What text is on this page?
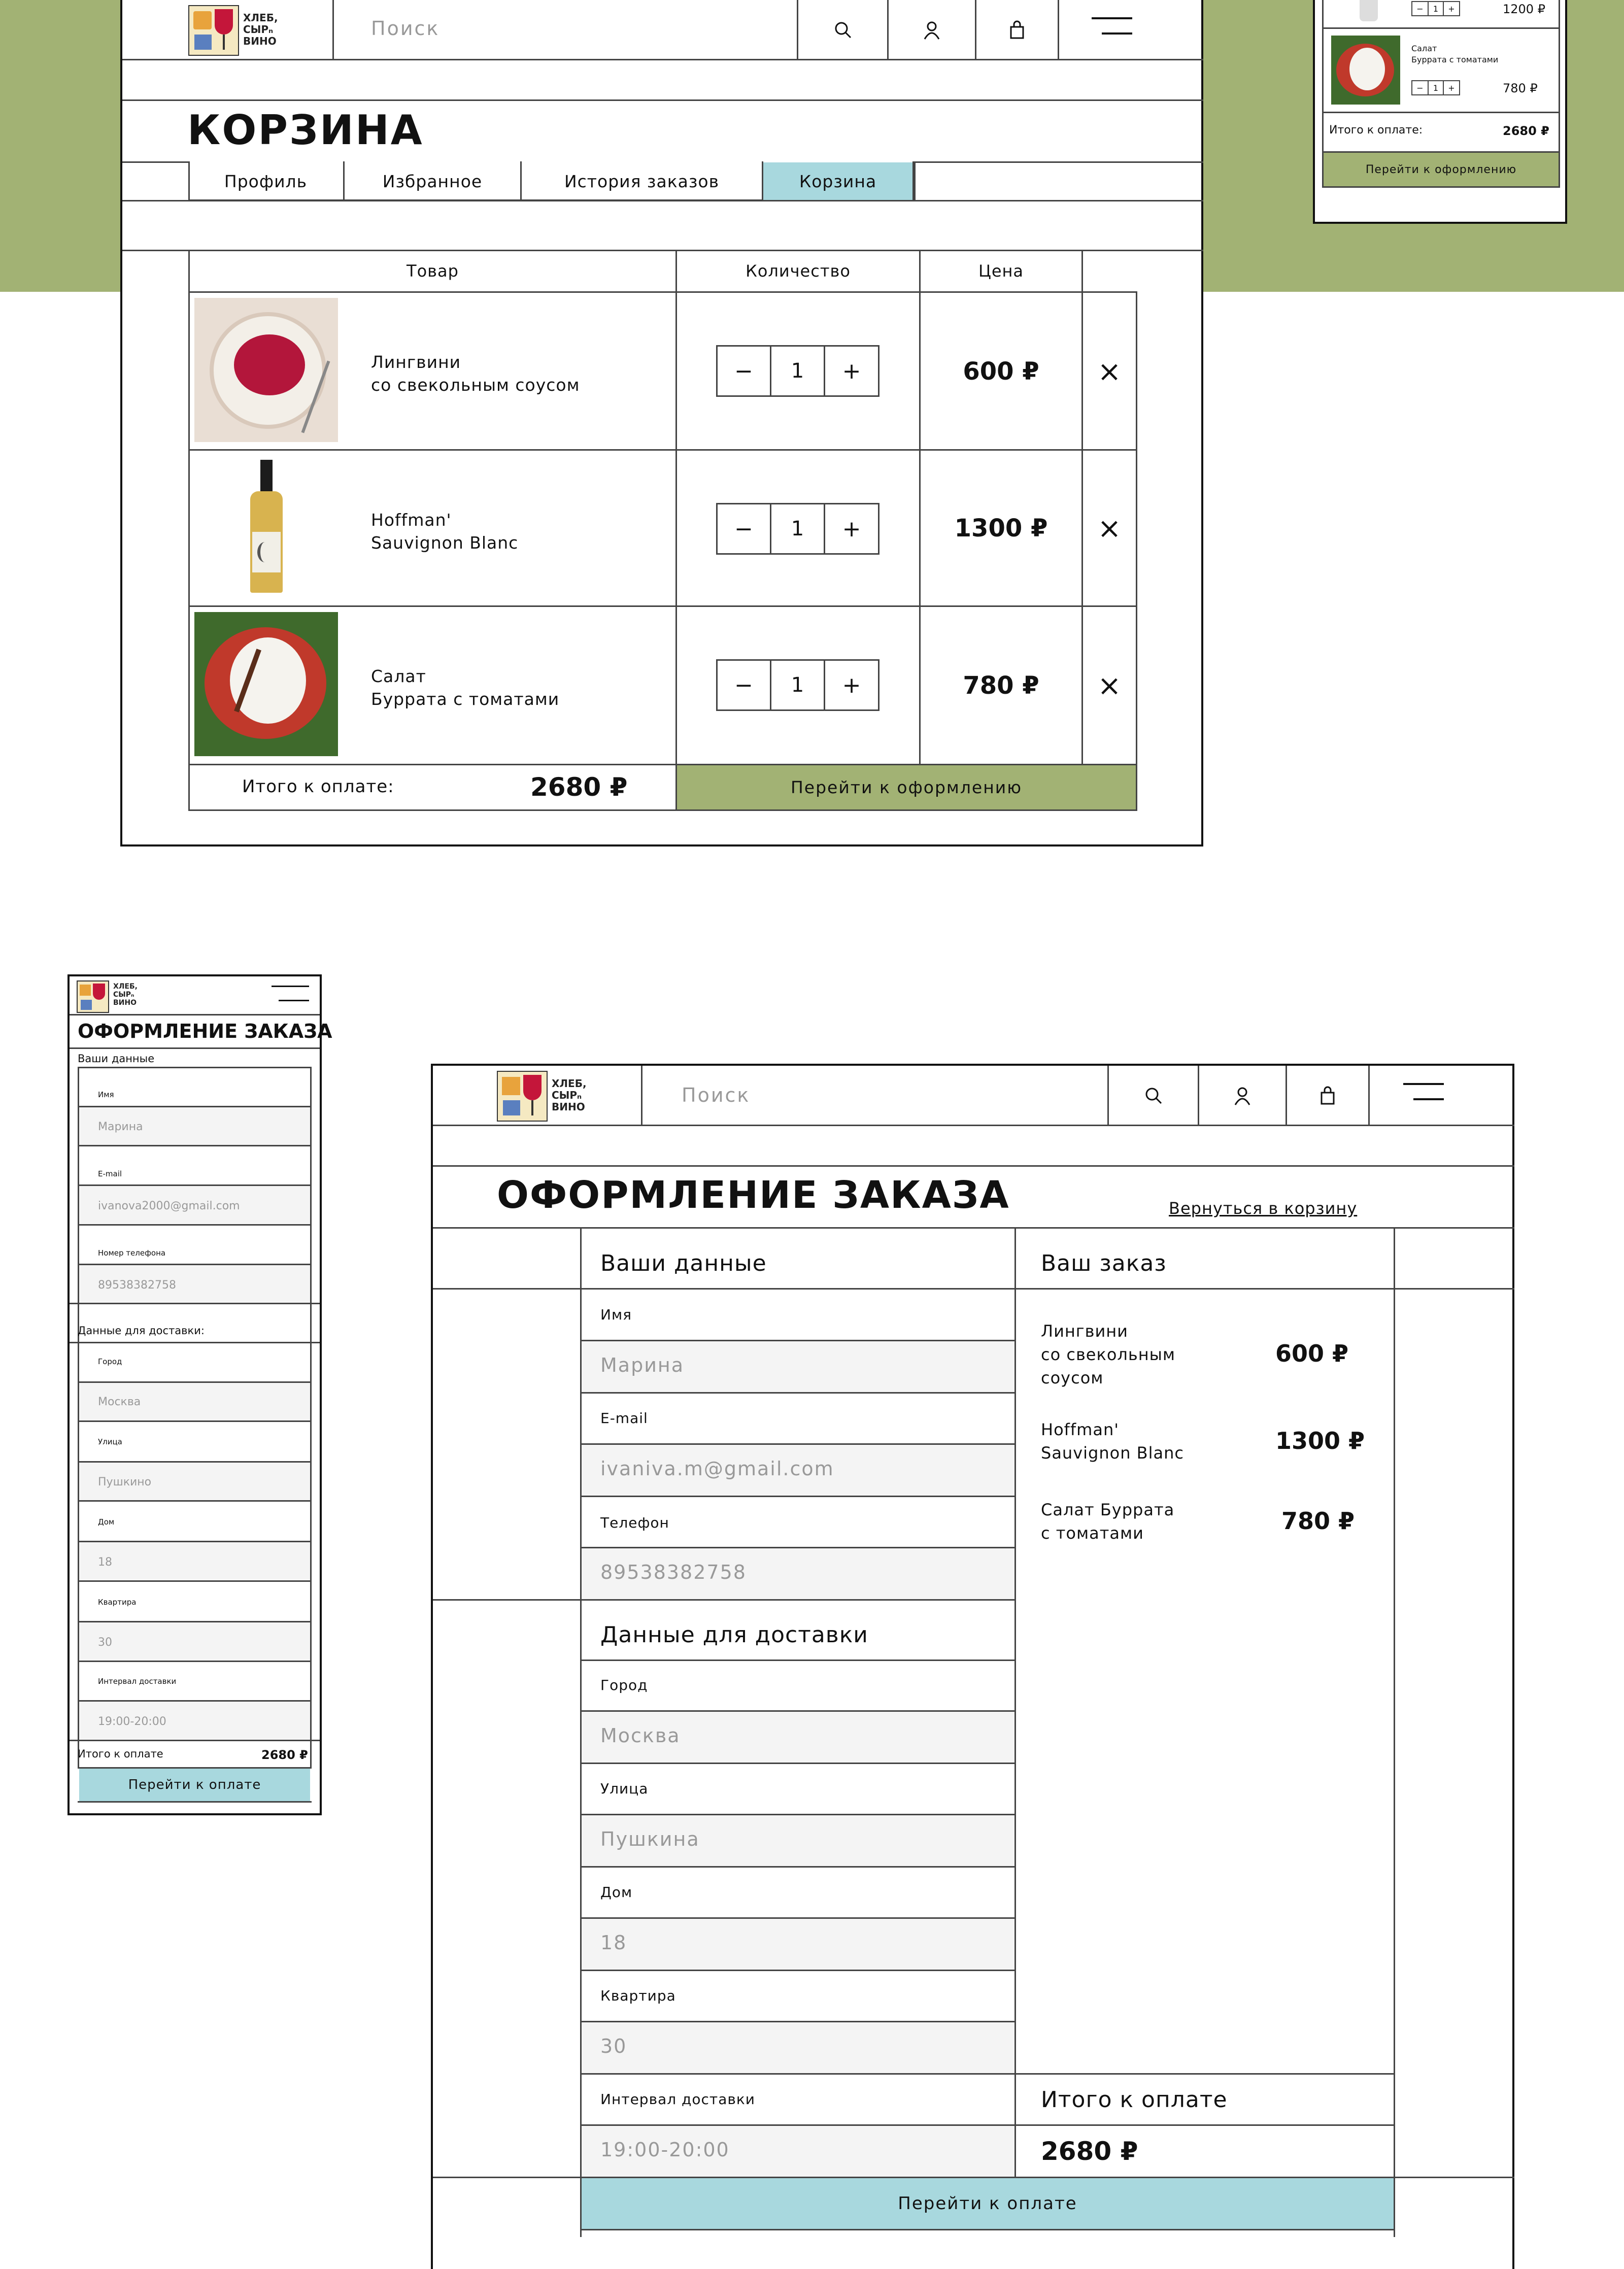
ХЛЕБ,
СЫРₙ
ВИНО
Поиск
КОРЗИНА
Профиль	Избранное	История заказов	Корзина
Товар	Количество	Цена
Лингвини
со свекольным соусом
−	1	+	600 ₽	×
Hoffman'
Sauvignon Blanc
−	1	+	1300 ₽	×
Салат
Буррата с томатами
−	1	+	780 ₽	×
Итого к оплате:	2680 ₽	Перейти к оформлению
−	1	+	1200 ₽
Салат
Буррата с томатами
−	1	+	780 ₽
Итого к оплате:	2680 ₽
Перейти к оформлению
ХЛЕБ,
СЫРₙ
ВИНО
ОФОРМЛЕНИЕ ЗАКАЗА
Ваши данные
Имя
Марина
E-mail
ivanova2000@gmail.com
Номер телефона
89538382758
Данные для доставки:
Город
Москва
Улица
Пушкино
Дом
18
Квартира
30
Интервал доставки
19:00-20:00
Итого к оплате	2680 ₽
Перейти к оплате
ХЛЕБ,
СЫРₙ
ВИНО
Поиск
ОФОРМЛЕНИЕ ЗАКАЗА	Вернуться в корзину
Ваши данные	Ваш заказ
Имя
Марина
E-mail
ivaniva.m@gmail.com
Телефон
89538382758
Данные для доставки
Город
Москва
Улица
Пушкина
Дом
18
Квартира
30
Интервал доставки	Итого к оплате
19:00-20:00	2680 ₽
Перейти к оплате
Лингвини
со свекольным
соусом
600 ₽
Hoffman'
Sauvignon Blanc	1300 ₽
Салат Буррата
с томатами	780 ₽
